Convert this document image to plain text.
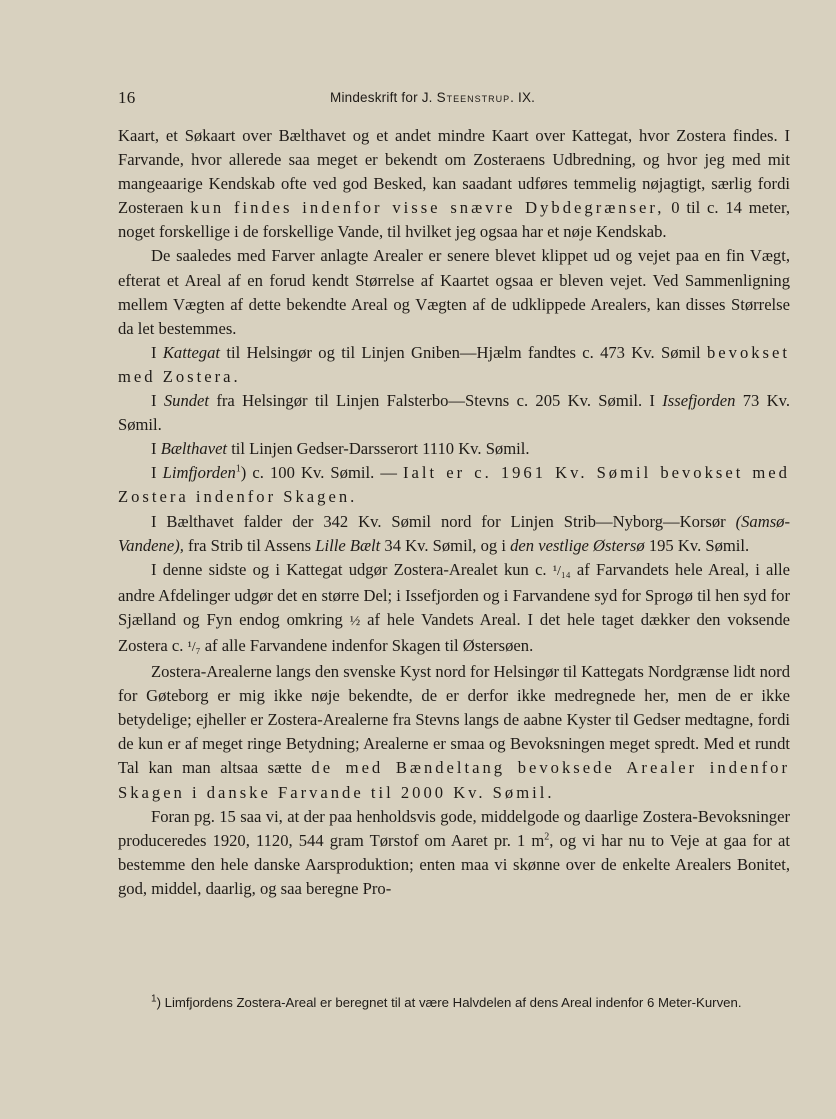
16	Mindeskrift for J. Steenstrup. IX.

Kaart, et Søkaart over Bælthavet og et andet mindre Kaart over Kattegat, hvor Zostera findes. I Farvande, hvor allerede saa meget er bekendt om Zosteraens Udbredning, og hvor jeg med mit mangeaarige Kendskab ofte ved god Besked, kan saadant udføres temmelig nøjagtigt, særlig fordi Zosteraen kun findes indenfor visse snævre Dybdegrænser, 0 til c. 14 meter, noget forskellige i de forskellige Vande, til hvilket jeg ogsaa har et nøje Kendskab.

De saaledes med Farver anlagte Arealer er senere blevet klippet ud og vejet paa en fin Vægt, efterat et Areal af en forud kendt Størrelse af Kaartet ogsaa er bleven vejet. Ved Sammenligning mellem Vægten af dette bekendte Areal og Vægten af de udklippede Arealers, kan disses Størrelse da let bestemmes.

I Kattegat til Helsingør og til Linjen Gniben—Hjælm fandtes c. 473 Kv. Sømil bevokset med Zostera.

I Sundet fra Helsingør til Linjen Falsterbo—Stevns c. 205 Kv. Sømil. I Issefjorden 73 Kv. Sømil.

I Bælthavet til Linjen Gedser-Darsserort 1110 Kv. Sømil.

I Limfjorden$^1$) c. 100 Kv. Sømil. — Ialt er c. 1961 Kv. Sømil bevokset med Zostera indenfor Skagen.

I Bælthavet falder der 342 Kv. Sømil nord for Linjen Strib—Nyborg—Korsør (Samsø-Vandene), fra Strib til Assens Lille Bælt 34 Kv. Sømil, og i den vestlige Østersø 195 Kv. Sømil.

I denne sidste og i Kattegat udgør Zostera-Arealet kun c. ¹/₁₄ af Farvandets hele Areal, i alle andre Afdelinger udgør det en større Del; i Issefjorden og i Farvandene syd for Sprogø til hen syd for Sjælland og Fyn endog omkring ½ af hele Vandets Areal. I det hele taget dækker den voksende Zostera c. ¹/₇ af alle Farvandene indenfor Skagen til Østersøen.

Zostera-Arealerne langs den svenske Kyst nord for Helsingør til Kattegats Nordgrænse lidt nord for Gøteborg er mig ikke nøje bekendte, de er derfor ikke medregnede her, men de er ikke betydelige; ejheller er Zostera-Arealerne fra Stevns langs de aabne Kyster til Gedser medtagne, fordi de kun er af meget ringe Betydning; Arealerne er smaa og Bevoksningen meget spredt. Med et rundt Tal kan man altsaa sætte de med Bændeltang bevoksede Arealer indenfor Skagen i danske Farvande til 2000 Kv. Sømil.

Foran pg. 15 saa vi, at der paa henholdsvis gode, middelgode og daarlige Zostera-Bevoksninger produceredes 1920, 1120, 544 gram Tørstof om Aaret pr. 1 $m^2$, og vi har nu to Veje at gaa for at bestemme den hele danske Aarsproduktion; enten maa vi skønne over de enkelte Arealers Bonitet, god, middel, daarlig, og saa beregne Pro-

$^1$) Limfjordens Zostera-Areal er beregnet til at være Halvdelen af dens Areal indenfor 6 Meter-Kurven.
